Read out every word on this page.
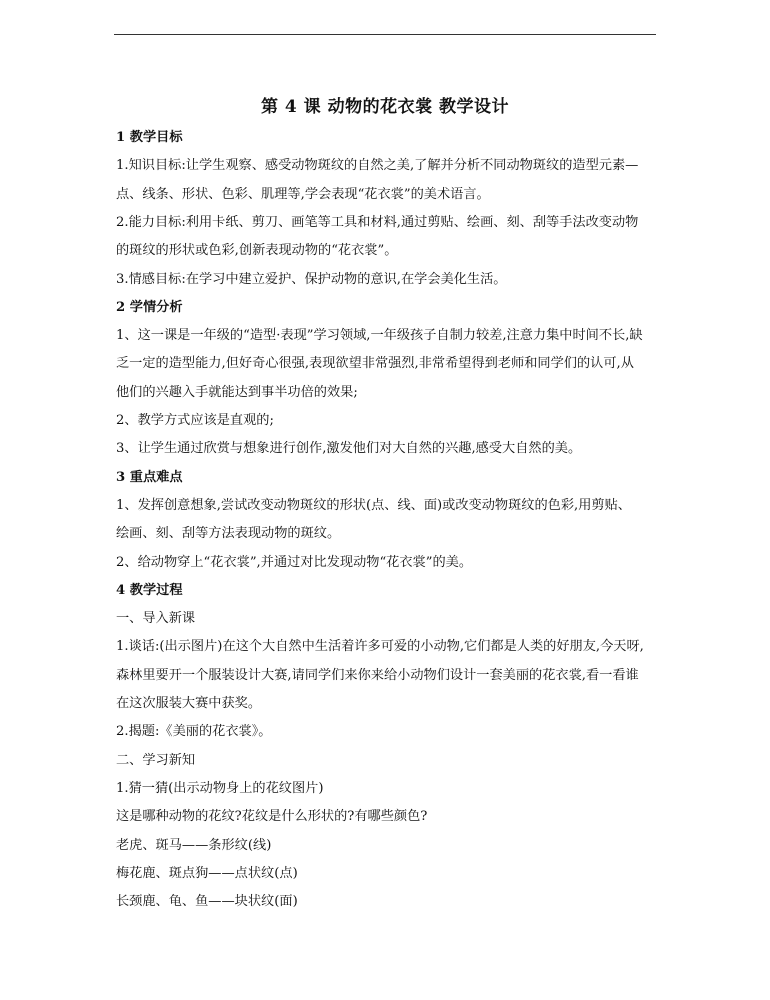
第 4 课 动物的花衣裳 教学设计
1 教学目标
1.知识目标:让学生观察、感受动物斑纹的自然之美,了解并分析不同动物斑纹的造型元素—
点、线条、形状、色彩、肌理等,学会表现“花衣裳”的美术语言。
2.能力目标:利用卡纸、剪刀、画笔等工具和材料,通过剪贴、绘画、刻、刮等手法改变动物
的斑纹的形状或色彩,创新表现动物的“花衣裳”。
3.情感目标:在学习中建立爱护、保护动物的意识,在学会美化生活。
2 学情分析
1、这一课是一年级的“造型·表现”学习领域,一年级孩子自制力较差,注意力集中时间不长,缺
乏一定的造型能力,但好奇心很强,表现欲望非常强烈,非常希望得到老师和同学们的认可,从
他们的兴趣入手就能达到事半功倍的效果;
2、教学方式应该是直观的;
3、让学生通过欣赏与想象进行创作,激发他们对大自然的兴趣,感受大自然的美。
3 重点难点
1、发挥创意想象,尝试改变动物斑纹的形状(点、线、面)或改变动物斑纹的色彩,用剪贴、
绘画、刻、刮等方法表现动物的斑纹。
2、给动物穿上“花衣裳”,并通过对比发现动物“花衣裳”的美。
4 教学过程
一、导入新课
1.谈话:(出示图片)在这个大自然中生活着许多可爱的小动物,它们都是人类的好朋友,今天呀,
森林里要开一个服装设计大赛,请同学们来你来给小动物们设计一套美丽的花衣裳,看一看谁
在这次服装大赛中获奖。
2.揭题:《美丽的花衣裳》。
二、学习新知
1.猜一猜(出示动物身上的花纹图片)
这是哪种动物的花纹?花纹是什么形状的?有哪些颜色?
老虎、斑马——条形纹(线)
梅花鹿、斑点狗——点状纹(点)
长颈鹿、龟、鱼——块状纹(面)
